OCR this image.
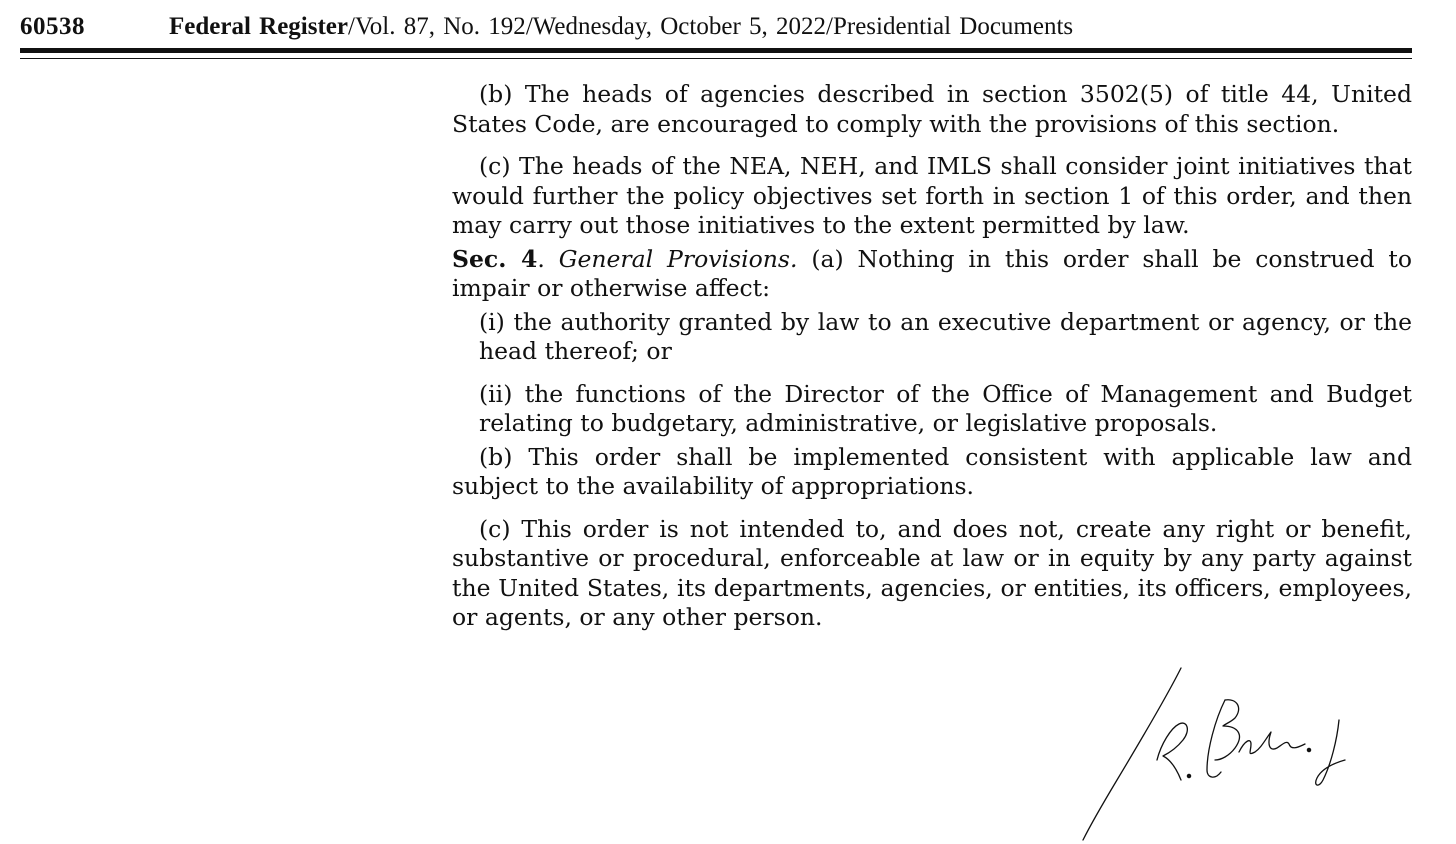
60538	Federal Register/Vol. 87, No. 192/Wednesday, October 5, 2022/Presidential Documents

(b) The heads of agencies described in section 3502(5) of title 44, United States Code, are encouraged to comply with the provisions of this section.

(c) The heads of the NEA, NEH, and IMLS shall consider joint initiatives that would further the policy objectives set forth in section 1 of this order, and then may carry out those initiatives to the extent permitted by law.

Sec. 4. General Provisions. (a) Nothing in this order shall be construed to impair or otherwise affect:

(i) the authority granted by law to an executive department or agency, or the head thereof; or

(ii) the functions of the Director of the Office of Management and Budget relating to budgetary, administrative, or legislative proposals.

(b) This order shall be implemented consistent with applicable law and subject to the availability of appropriations.

(c) This order is not intended to, and does not, create any right or benefit, substantive or procedural, enforceable at law or in equity by any party against the United States, its departments, agencies, or entities, its officers, employees, or agents, or any other person.
